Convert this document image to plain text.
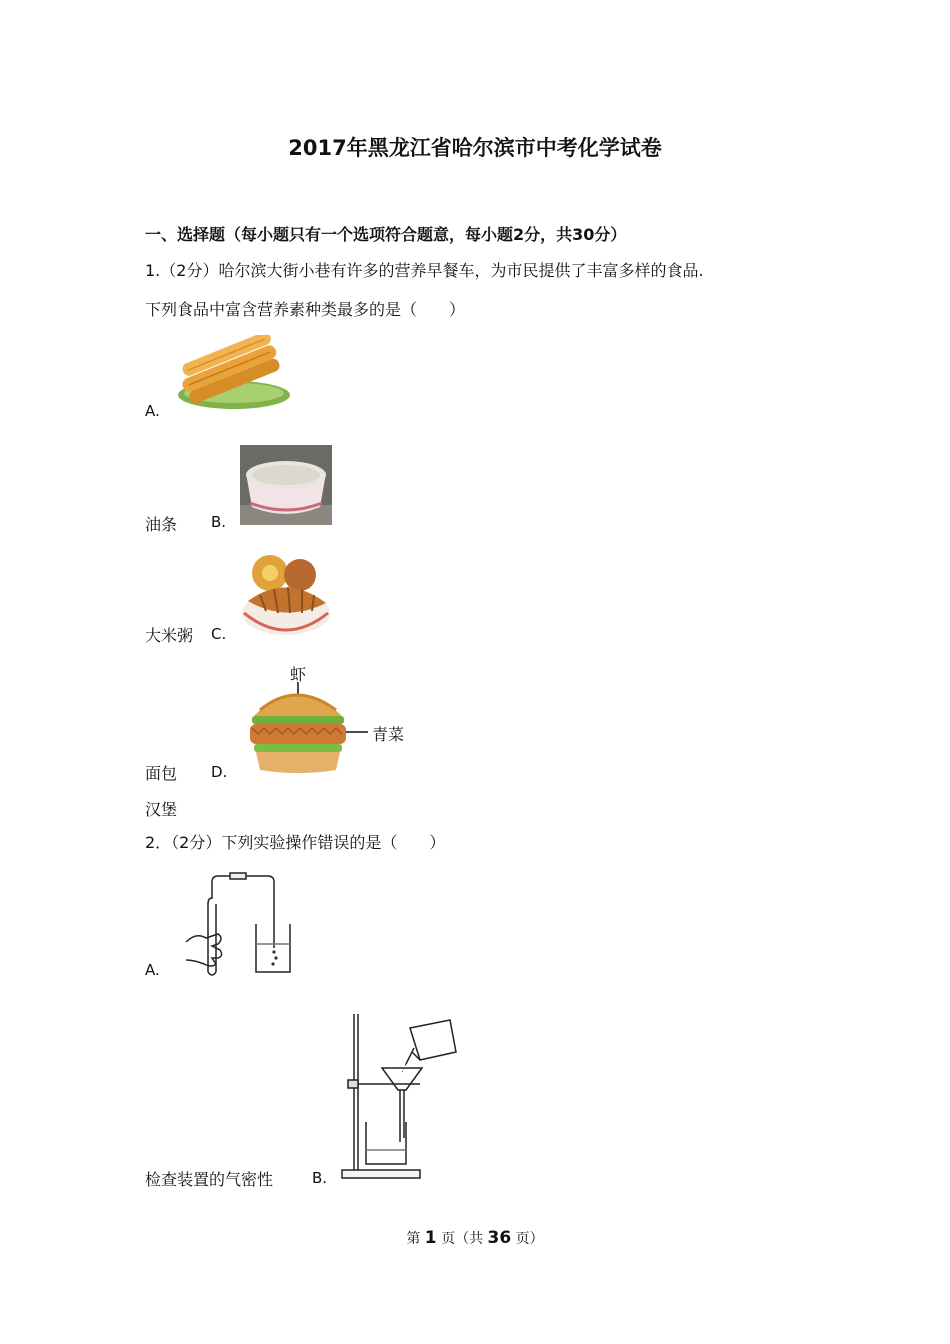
2017年黑龙江省哈尔滨市中考化学试卷
一、选择题（每小题只有一个选项符合题意，每小题2分，共30分）
1.（2分）哈尔滨大街小巷有许多的营养早餐车，为市民提供了丰富多样的食品.
下列食品中富含营养素种类最多的是（　　）
A.
油条 B.
大米粥 C.
虾
青菜
面包 D.
汉堡
2．（2分）下列实验操作错误的是（　　）
A.
检查装置的气密性	B.
第 1 页（共 36 页）
